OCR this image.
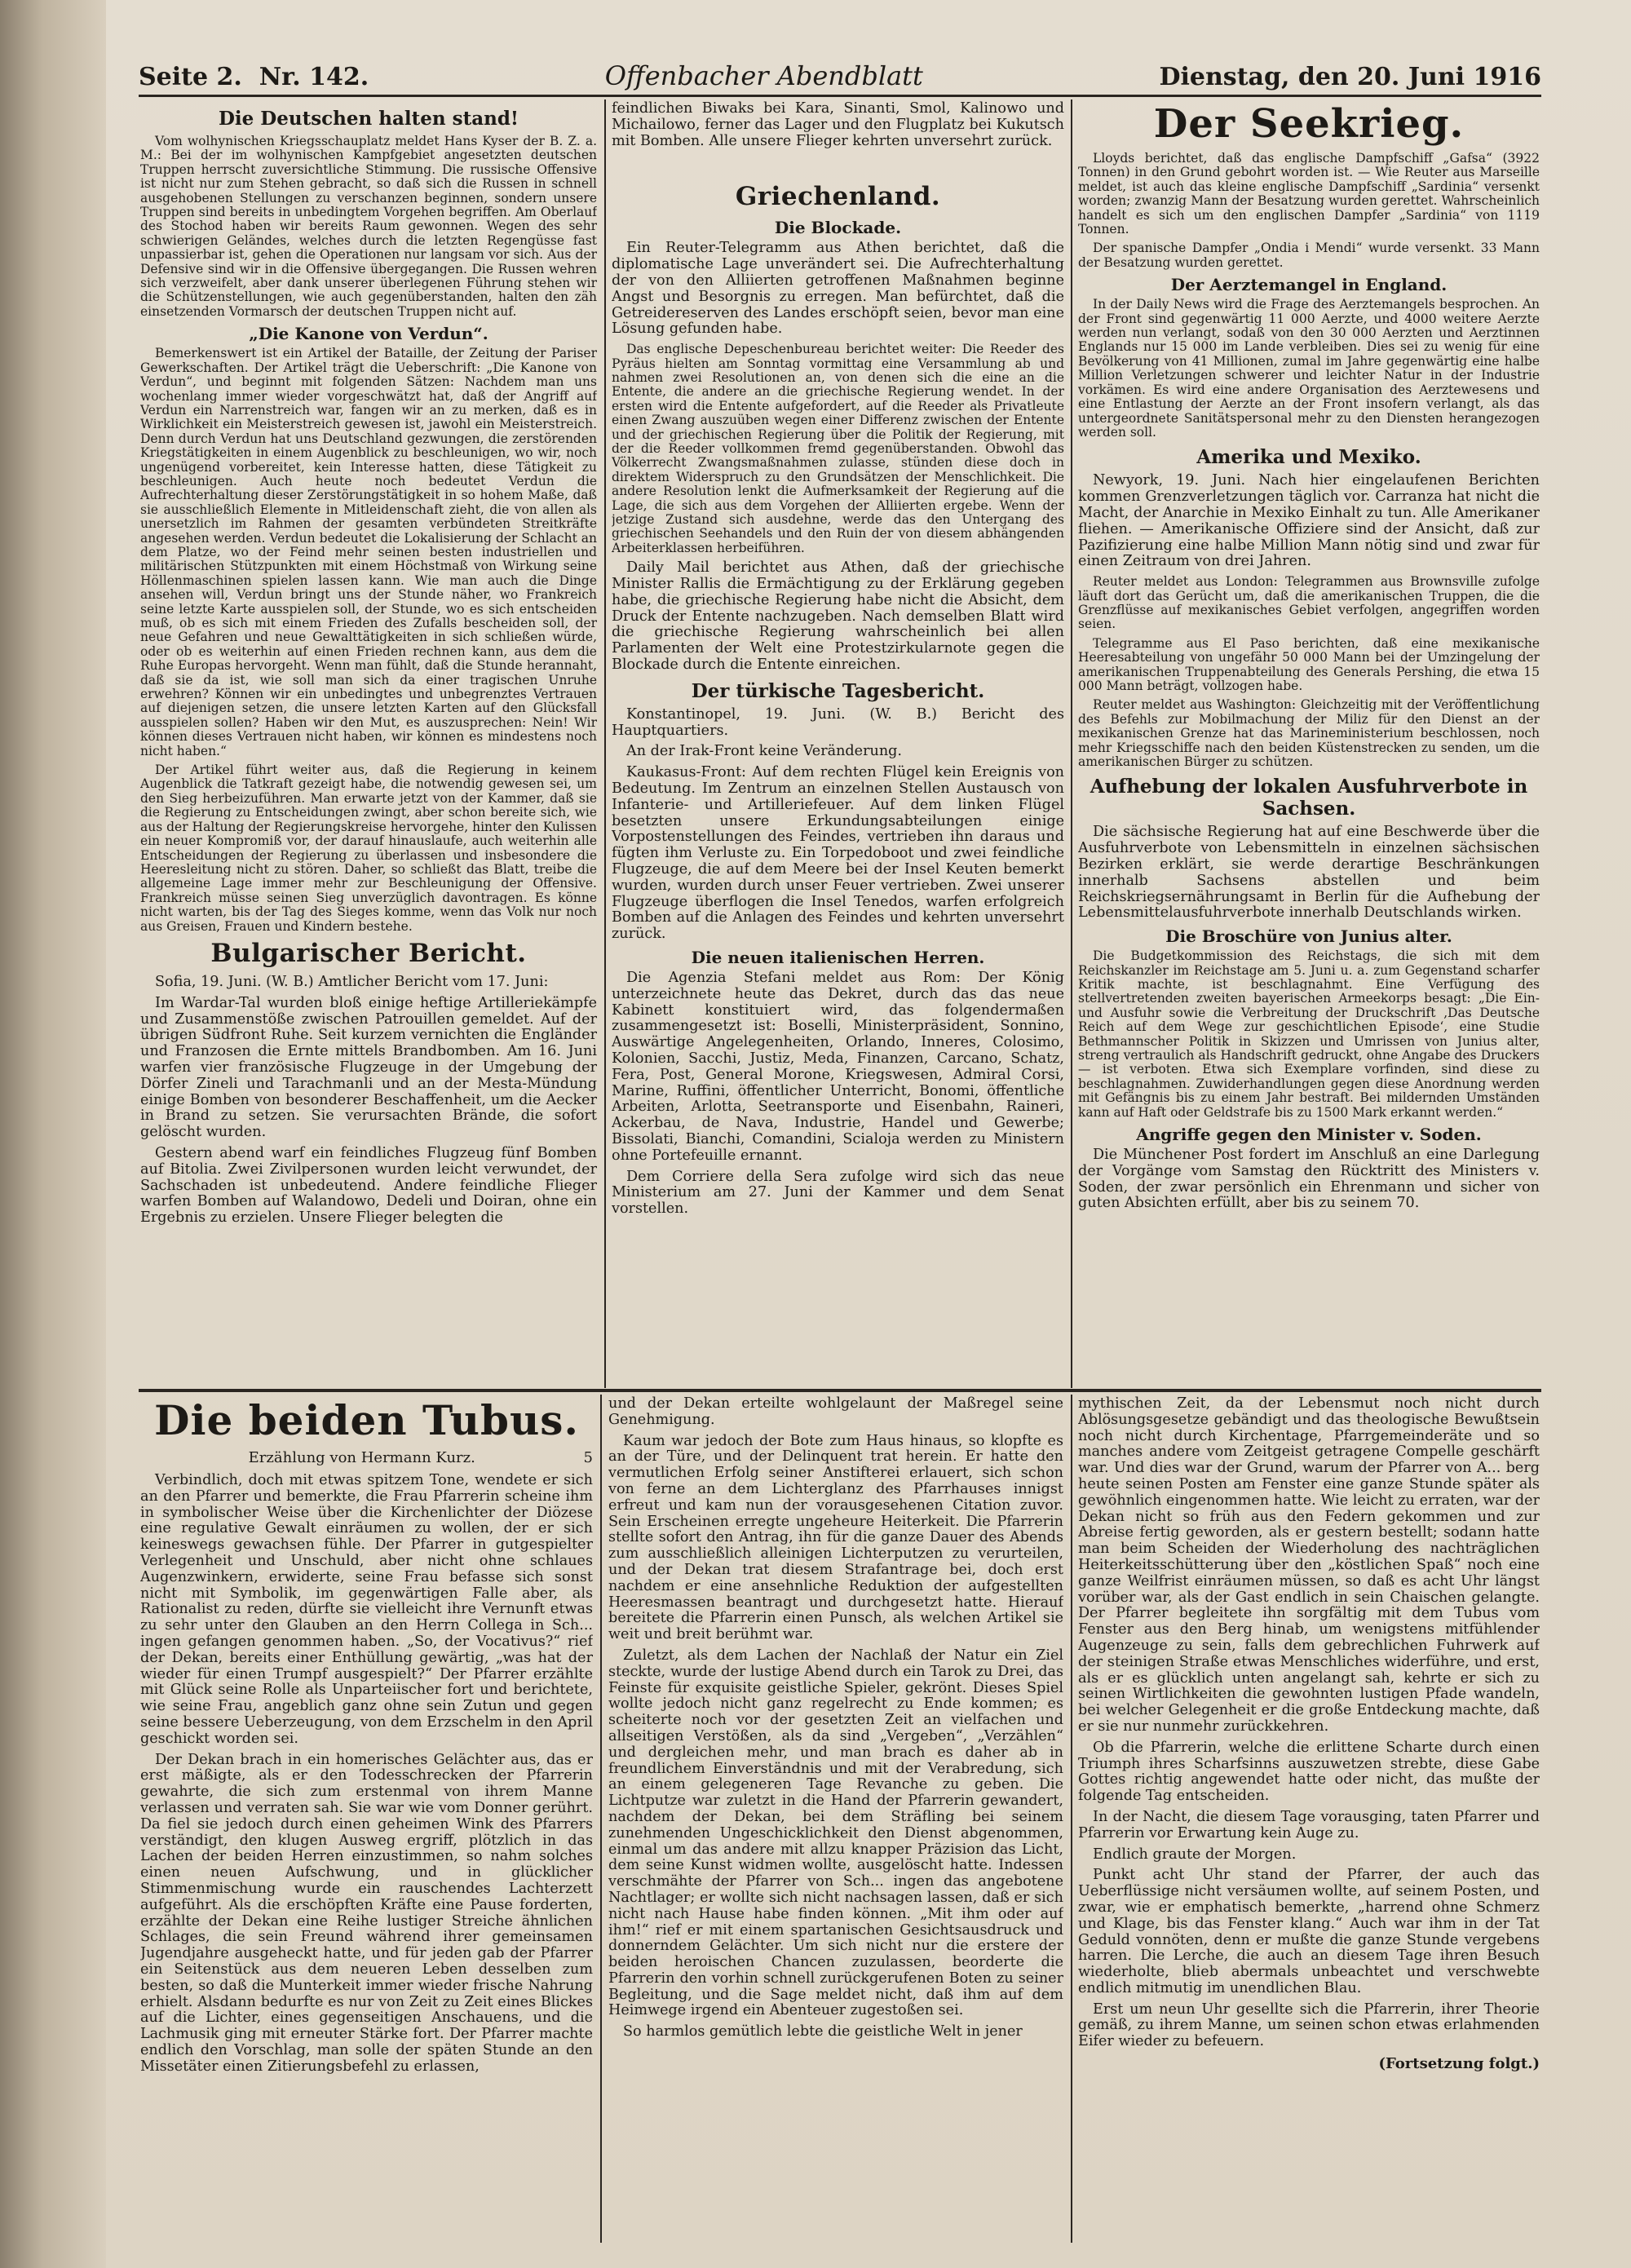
Seite 2. Nr. 142.	Offenbacher Abendblatt	Dienstag, den 20. Juni 1916
Die Deutschen halten stand!

Vom wolhynischen Kriegsschauplatz meldet Hans Kyser der B. Z. a. M.: Bei der im wolhynischen Kampfgebiet angesetzten deutschen Truppen herrscht zuversichtliche Stimmung. Die russische Offensive ist nicht nur zum Stehen gebracht, so daß sich die Russen in schnell ausgehobenen Stellungen zu verschanzen beginnen, sondern unsere Truppen sind bereits in unbedingtem Vorgehen begriffen. Am Oberlauf des Stochod haben wir bereits Raum gewonnen. Wegen des sehr schwierigen Geländes, welches durch die letzten Regengüsse fast unpassierbar ist, gehen die Operationen nur langsam vor sich. Aus der Defensive sind wir in die Offensive übergegangen. Die Russen wehren sich verzweifelt, aber dank unserer überlegenen Führung stehen wir die Schützenstellungen, wie auch gegenüberstanden, halten den zäh einsetzenden Vormarsch der deutschen Truppen nicht auf.

„Die Kanone von Verdun“.

Bemerkenswert ist ein Artikel der Bataille, der Zeitung der Pariser Gewerkschaften. Der Artikel trägt die Ueberschrift: „Die Kanone von Verdun“, und beginnt mit folgenden Sätzen: Nachdem man uns wochenlang immer wieder vorgeschwätzt hat, daß der Angriff auf Verdun ein Narrenstreich war, fangen wir an zu merken, daß es in Wirklichkeit ein Meisterstreich gewesen ist, jawohl ein Meisterstreich. Denn durch Verdun hat uns Deutschland gezwungen, die zerstörenden Kriegstätigkeiten in einem Augenblick zu beschleunigen, wo wir, noch ungenügend vorbereitet, kein Interesse hatten, diese Tätigkeit zu beschleunigen. Auch heute noch bedeutet Verdun die Aufrechterhaltung dieser Zerstörungstätigkeit in so hohem Maße, daß sie ausschließlich Elemente in Mitleidenschaft zieht, die von allen als unersetzlich im Rahmen der gesamten verbündeten Streitkräfte angesehen werden. Verdun bedeutet die Lokalisierung der Schlacht an dem Platze, wo der Feind mehr seinen besten industriellen und militärischen Stützpunkten mit einem Höchstmaß von Wirkung seine Höllenmaschinen spielen lassen kann. Wie man auch die Dinge ansehen will, Verdun bringt uns der Stunde näher, wo Frankreich seine letzte Karte ausspielen soll, der Stunde, wo es sich entscheiden muß, ob es sich mit einem Frieden des Zufalls bescheiden soll, der neue Gefahren und neue Gewalttätigkeiten in sich schließen würde, oder ob es weiterhin auf einen Frieden rechnen kann, aus dem die Ruhe Europas hervorgeht. Wenn man fühlt, daß die Stunde herannaht, daß sie da ist, wie soll man sich da einer tragischen Unruhe erwehren? Können wir ein unbedingtes und unbegrenztes Vertrauen auf diejenigen setzen, die unsere letzten Karten auf den Glücksfall ausspielen sollen? Haben wir den Mut, es auszusprechen: Nein! Wir können dieses Vertrauen nicht haben, wir können es mindestens noch nicht haben.“

Der Artikel führt weiter aus, daß die Regierung in keinem Augenblick die Tatkraft gezeigt habe, die notwendig gewesen sei, um den Sieg herbeizuführen. Man erwarte jetzt von der Kammer, daß sie die Regierung zu Entscheidungen zwingt, aber schon bereite sich, wie aus der Haltung der Regierungskreise hervorgehe, hinter den Kulissen ein neuer Kompromiß vor, der darauf hinauslaufe, auch weiterhin alle Entscheidungen der Regierung zu überlassen und insbesondere die Heeresleitung nicht zu stören. Daher, so schließt das Blatt, treibe die allgemeine Lage immer mehr zur Beschleunigung der Offensive. Frankreich müsse seinen Sieg unverzüglich davontragen. Es könne nicht warten, bis der Tag des Sieges komme, wenn das Volk nur noch aus Greisen, Frauen und Kindern bestehe.

Bulgarischer Bericht.

Sofia, 19. Juni. (W. B.) Amtlicher Bericht vom 17. Juni:

Im Wardar-Tal wurden bloß einige heftige Artilleriekämpfe und Zusammenstöße zwischen Patrouillen gemeldet. Auf der übrigen Südfront Ruhe. Seit kurzem vernichten die Engländer und Franzosen die Ernte mittels Brandbomben. Am 16. Juni warfen vier französische Flugzeuge in der Umgebung der Dörfer Zineli und Tarachmanli und an der Mesta-Mündung einige Bomben von besonderer Beschaffenheit, um die Aecker in Brand zu setzen. Sie verursachten Brände, die sofort gelöscht wurden.

Gestern abend warf ein feindliches Flugzeug fünf Bomben auf Bitolia. Zwei Zivilpersonen wurden leicht verwundet, der Sachschaden ist unbedeutend. Andere feindliche Flieger warfen Bomben auf Walandowo, Dedeli und Doiran, ohne ein Ergebnis zu erzielen. Unsere Flieger belegten die

feindlichen Biwaks bei Kara, Sinanti, Smol, Kalinowo und Michailowo, ferner das Lager und den Flugplatz bei Kukutsch mit Bomben. Alle unsere Flieger kehrten unversehrt zurück.

Griechenland.
Die Blockade.

Ein Reuter-Telegramm aus Athen berichtet, daß die diplomatische Lage unverändert sei. Die Aufrechterhaltung der von den Alliierten getroffenen Maßnahmen beginne Angst und Besorgnis zu erregen. Man befürchtet, daß die Getreidereserven des Landes erschöpft seien, bevor man eine Lösung gefunden habe.

Das englische Depeschenbureau berichtet weiter: Die Reeder des Pyräus hielten am Sonntag vormittag eine Versammlung ab und nahmen zwei Resolutionen an, von denen sich die eine an die Entente, die andere an die griechische Regierung wendet. In der ersten wird die Entente aufgefordert, auf die Reeder als Privatleute einen Zwang auszuüben wegen einer Differenz zwischen der Entente und der griechischen Regierung über die Politik der Regierung, mit der die Reeder vollkommen fremd gegenüberstanden. Obwohl das Völkerrecht Zwangsmaßnahmen zulasse, stünden diese doch in direktem Widerspruch zu den Grundsätzen der Menschlichkeit. Die andere Resolution lenkt die Aufmerksamkeit der Regierung auf die Lage, die sich aus dem Vorgehen der Alliierten ergebe. Wenn der jetzige Zustand sich ausdehne, werde das den Untergang des griechischen Seehandels und den Ruin der von diesem abhängenden Arbeiterklassen herbeiführen.

Daily Mail berichtet aus Athen, daß der griechische Minister Rallis die Ermächtigung zu der Erklärung gegeben habe, die griechische Regierung habe nicht die Absicht, dem Druck der Entente nachzugeben. Nach demselben Blatt wird die griechische Regierung wahrscheinlich bei allen Parlamenten der Welt eine Protestzirkularnote gegen die Blockade durch die Entente einreichen.

Der türkische Tagesbericht.

Konstantinopel, 19. Juni. (W. B.) Bericht des Hauptquartiers.

An der Irak-Front keine Veränderung.

Kaukasus-Front: Auf dem rechten Flügel kein Ereignis von Bedeutung. Im Zentrum an einzelnen Stellen Austausch von Infanterie- und Artilleriefeuer. Auf dem linken Flügel besetzten unsere Erkundungsabteilungen einige Vorpostenstellungen des Feindes, vertrieben ihn daraus und fügten ihm Verluste zu. Ein Torpedoboot und zwei feindliche Flugzeuge, die auf dem Meere bei der Insel Keuten bemerkt wurden, wurden durch unser Feuer vertrieben. Zwei unserer Flugzeuge überflogen die Insel Tenedos, warfen erfolgreich Bomben auf die Anlagen des Feindes und kehrten unversehrt zurück.

Die neuen italienischen Herren.

Die Agenzia Stefani meldet aus Rom: Der König unterzeichnete heute das Dekret, durch das das neue Kabinett konstituiert wird, das folgendermaßen zusammengesetzt ist: Boselli, Ministerpräsident, Sonnino, Auswärtige Angelegenheiten, Orlando, Inneres, Colosimo, Kolonien, Sacchi, Justiz, Meda, Finanzen, Carcano, Schatz, Fera, Post, General Morone, Kriegswesen, Admiral Corsi, Marine, Ruffini, öffentlicher Unterricht, Bonomi, öffentliche Arbeiten, Arlotta, Seetransporte und Eisenbahn, Raineri, Ackerbau, de Nava, Industrie, Handel und Gewerbe; Bissolati, Bianchi, Comandini, Scialoja werden zu Ministern ohne Portefeuille ernannt.

Dem Corriere della Sera zufolge wird sich das neue Ministerium am 27. Juni der Kammer und dem Senat vorstellen.

Der Seekrieg.

Lloyds berichtet, daß das englische Dampfschiff „Gafsa“ (3922 Tonnen) in den Grund gebohrt worden ist. — Wie Reuter aus Marseille meldet, ist auch das kleine englische Dampfschiff „Sardinia“ versenkt worden; zwanzig Mann der Besatzung wurden gerettet. Wahrscheinlich handelt es sich um den englischen Dampfer „Sardinia“ von 1119 Tonnen.

Der spanische Dampfer „Ondia i Mendi“ wurde versenkt. 33 Mann der Besatzung wurden gerettet.

Der Aerztemangel in England.

In der Daily News wird die Frage des Aerztemangels besprochen. An der Front sind gegenwärtig 11 000 Aerzte, und 4000 weitere Aerzte werden nun verlangt, sodaß von den 30 000 Aerzten und Aerztinnen Englands nur 15 000 im Lande verbleiben. Dies sei zu wenig für eine Bevölkerung von 41 Millionen, zumal im Jahre gegenwärtig eine halbe Million Verletzungen schwerer und leichter Natur in der Industrie vorkämen. Es wird eine andere Organisation des Aerztewesens und eine Entlastung der Aerzte an der Front insofern verlangt, als das untergeordnete Sanitätspersonal mehr zu den Diensten herangezogen werden soll.

Amerika und Mexiko.

Newyork, 19. Juni. Nach hier eingelaufenen Berichten kommen Grenzverletzungen täglich vor. Carranza hat nicht die Macht, der Anarchie in Mexiko Einhalt zu tun. Alle Amerikaner fliehen. — Amerikanische Offiziere sind der Ansicht, daß zur Pazifizierung eine halbe Million Mann nötig sind und zwar für einen Zeitraum von drei Jahren.

Reuter meldet aus London: Telegrammen aus Brownsville zufolge läuft dort das Gerücht um, daß die amerikanischen Truppen, die die Grenzflüsse auf mexikanisches Gebiet verfolgen, angegriffen worden seien.

Telegramme aus El Paso berichten, daß eine mexikanische Heeresabteilung von ungefähr 50 000 Mann bei der Umzingelung der amerikanischen Truppenabteilung des Generals Pershing, die etwa 15 000 Mann beträgt, vollzogen habe.

Reuter meldet aus Washington: Gleichzeitig mit der Veröffentlichung des Befehls zur Mobilmachung der Miliz für den Dienst an der mexikanischen Grenze hat das Marineministerium beschlossen, noch mehr Kriegsschiffe nach den beiden Küstenstrecken zu senden, um die amerikanischen Bürger zu schützen.

Aufhebung der lokalen Ausfuhrverbote in Sachsen.

Die sächsische Regierung hat auf eine Beschwerde über die Ausfuhrverbote von Lebensmitteln in einzelnen sächsischen Bezirken erklärt, sie werde derartige Beschränkungen innerhalb Sachsens abstellen und beim Reichskriegsernährungsamt in Berlin für die Aufhebung der Lebensmittelausfuhrverbote innerhalb Deutschlands wirken.

Die Broschüre von Junius alter.

Die Budgetkommission des Reichstags, die sich mit dem Reichskanzler im Reichstage am 5. Juni u. a. zum Gegenstand scharfer Kritik machte, ist beschlagnahmt. Eine Verfügung des stellvertretenden zweiten bayerischen Armeekorps besagt: „Die Ein- und Ausfuhr sowie die Verbreitung der Druckschrift ‚Das Deutsche Reich auf dem Wege zur geschichtlichen Episode‘, eine Studie Bethmannscher Politik in Skizzen und Umrissen von Junius alter, streng vertraulich als Handschrift gedruckt, ohne Angabe des Druckers — ist verboten. Etwa sich Exemplare vorfinden, sind diese zu beschlagnahmen. Zuwiderhandlungen gegen diese Anordnung werden mit Gefängnis bis zu einem Jahr bestraft. Bei mildernden Umständen kann auf Haft oder Geldstrafe bis zu 1500 Mark erkannt werden.“

Angriffe gegen den Minister v. Soden.

Die Münchener Post fordert im Anschluß an eine Darlegung der Vorgänge vom Samstag den Rücktritt des Ministers v. Soden, der zwar persönlich ein Ehrenmann und sicher von guten Absichten erfüllt, aber bis zu seinem 70.

Die beiden Tubus.
Erzählung von Hermann Kurz.	5

Verbindlich, doch mit etwas spitzem Tone, wendete er sich an den Pfarrer und bemerkte, die Frau Pfarrerin scheine ihm in symbolischer Weise über die Kirchenlichter der Diözese eine regulative Gewalt einräumen zu wollen, der er sich keineswegs gewachsen fühle. Der Pfarrer in gutgespielter Verlegenheit und Unschuld, aber nicht ohne schlaues Augenzwinkern, erwiderte, seine Frau befasse sich sonst nicht mit Symbolik, im gegenwärtigen Falle aber, als Rationalist zu reden, dürfte sie vielleicht ihre Vernunft etwas zu sehr unter den Glauben an den Herrn Collega in Sch... ingen gefangen genommen haben. „So, der Vocativus?“ rief der Dekan, bereits einer Enthüllung gewärtig, „was hat der wieder für einen Trumpf ausgespielt?“ Der Pfarrer erzählte mit Glück seine Rolle als Unparteiischer fort und berichtete, wie seine Frau, angeblich ganz ohne sein Zutun und gegen seine bessere Ueberzeugung, von dem Erzschelm in den April geschickt worden sei.

Der Dekan brach in ein homerisches Gelächter aus, das er erst mäßigte, als er den Todesschrecken der Pfarrerin gewahrte, die sich zum erstenmal von ihrem Manne verlassen und verraten sah. Sie war wie vom Donner gerührt. Da fiel sie jedoch durch einen geheimen Wink des Pfarrers verständigt, den klugen Ausweg ergriff, plötzlich in das Lachen der beiden Herren einzustimmen, so nahm solches einen neuen Aufschwung, und in glücklicher Stimmenmischung wurde ein rauschendes Lachterzett aufgeführt. Als die erschöpften Kräfte eine Pause forderten, erzählte der Dekan eine Reihe lustiger Streiche ähnlichen Schlages, die sein Freund während ihrer gemeinsamen Jugendjahre ausgeheckt hatte, und für jeden gab der Pfarrer ein Seitenstück aus dem neueren Leben desselben zum besten, so daß die Munterkeit immer wieder frische Nahrung erhielt. Alsdann bedurfte es nur von Zeit zu Zeit eines Blickes auf die Lichter, eines gegenseitigen Anschauens, und die Lachmusik ging mit erneuter Stärke fort. Der Pfarrer machte endlich den Vorschlag, man solle der späten Stunde an den Missetäter einen Zitierungsbefehl zu erlassen,

und der Dekan erteilte wohlgelaunt der Maßregel seine Genehmigung.

Kaum war jedoch der Bote zum Haus hinaus, so klopfte es an der Türe, und der Delinquent trat herein. Er hatte den vermutlichen Erfolg seiner Anstifterei erlauert, sich schon von ferne an dem Lichterglanz des Pfarrhauses innigst erfreut und kam nun der vorausgesehenen Citation zuvor. Sein Erscheinen erregte ungeheure Heiterkeit. Die Pfarrerin stellte sofort den Antrag, ihn für die ganze Dauer des Abends zum ausschließlich alleinigen Lichterputzen zu verurteilen, und der Dekan trat diesem Strafantrage bei, doch erst nachdem er eine ansehnliche Reduktion der aufgestellten Heeresmassen beantragt und durchgesetzt hatte. Hierauf bereitete die Pfarrerin einen Punsch, als welchen Artikel sie weit und breit berühmt war.

Zuletzt, als dem Lachen der Nachlaß der Natur ein Ziel steckte, wurde der lustige Abend durch ein Tarok zu Drei, das Feinste für exquisite geistliche Spieler, gekrönt. Dieses Spiel wollte jedoch nicht ganz regelrecht zu Ende kommen; es scheiterte noch vor der gesetzten Zeit an vielfachen und allseitigen Verstößen, als da sind „Vergeben“, „Verzählen“ und dergleichen mehr, und man brach es daher ab in freundlichem Einverständnis und mit der Verabredung, sich an einem gelegeneren Tage Revanche zu geben. Die Lichtputze war zuletzt in die Hand der Pfarrerin gewandert, nachdem der Dekan, bei dem Sträfling bei seinem zunehmenden Ungeschicklichkeit den Dienst abgenommen, einmal um das andere mit allzu knapper Präzision das Licht, dem seine Kunst widmen wollte, ausgelöscht hatte. Indessen verschmähte der Pfarrer von Sch... ingen das angebotene Nachtlager; er wollte sich nicht nachsagen lassen, daß er sich nicht nach Hause habe finden können. „Mit ihm oder auf ihm!“ rief er mit einem spartanischen Gesichtsausdruck und donnerndem Gelächter. Um sich nicht nur die erstere der beiden heroischen Chancen zuzulassen, beorderte die Pfarrerin den vorhin schnell zurückgerufenen Boten zu seiner Begleitung, und die Sage meldet nicht, daß ihm auf dem Heimwege irgend ein Abenteuer zugestoßen sei.

So harmlos gemütlich lebte die geistliche Welt in jener

mythischen Zeit, da der Lebensmut noch nicht durch Ablösungsgesetze gebändigt und das theologische Bewußtsein noch nicht durch Kirchentage, Pfarrgemeinderäte und so manches andere vom Zeitgeist getragene Compelle geschärft war. Und dies war der Grund, warum der Pfarrer von A... berg heute seinen Posten am Fenster eine ganze Stunde später als gewöhnlich eingenommen hatte. Wie leicht zu erraten, war der Dekan nicht so früh aus den Federn gekommen und zur Abreise fertig geworden, als er gestern bestellt; sodann hatte man beim Scheiden der Wiederholung des nachträglichen Heiterkeitsschütterung über den „köstlichen Spaß“ noch eine ganze Weilfrist einräumen müssen, so daß es acht Uhr längst vorüber war, als der Gast endlich in sein Chaischen gelangte. Der Pfarrer begleitete ihn sorgfältig mit dem Tubus vom Fenster aus den Berg hinab, um wenigstens mitfühlender Augenzeuge zu sein, falls dem gebrechlichen Fuhrwerk auf der steinigen Straße etwas Menschliches widerführe, und erst, als er es glücklich unten angelangt sah, kehrte er sich zu seinen Wirtlichkeiten die gewohnten lustigen Pfade wandeln, bei welcher Gelegenheit er die große Entdeckung machte, daß er sie nur nunmehr zurückkehren.

Ob die Pfarrerin, welche die erlittene Scharte durch einen Triumph ihres Scharfsinns auszuwetzen strebte, diese Gabe Gottes richtig angewendet hatte oder nicht, das mußte der folgende Tag entscheiden.

In der Nacht, die diesem Tage vorausging, taten Pfarrer und Pfarrerin vor Erwartung kein Auge zu.

Endlich graute der Morgen.

Punkt acht Uhr stand der Pfarrer, der auch das Ueberflüssige nicht versäumen wollte, auf seinem Posten, und zwar, wie er emphatisch bemerkte, „harrend ohne Schmerz und Klage, bis das Fenster klang.“ Auch war ihm in der Tat Geduld vonnöten, denn er mußte die ganze Stunde vergebens harren. Die Lerche, die auch an diesem Tage ihren Besuch wiederholte, blieb abermals unbeachtet und verschwebte endlich mitmutig im unendlichen Blau.

Erst um neun Uhr gesellte sich die Pfarrerin, ihrer Theorie gemäß, zu ihrem Manne, um seinen schon etwas erlahmenden Eifer wieder zu befeuern.

(Fortsetzung folgt.)
